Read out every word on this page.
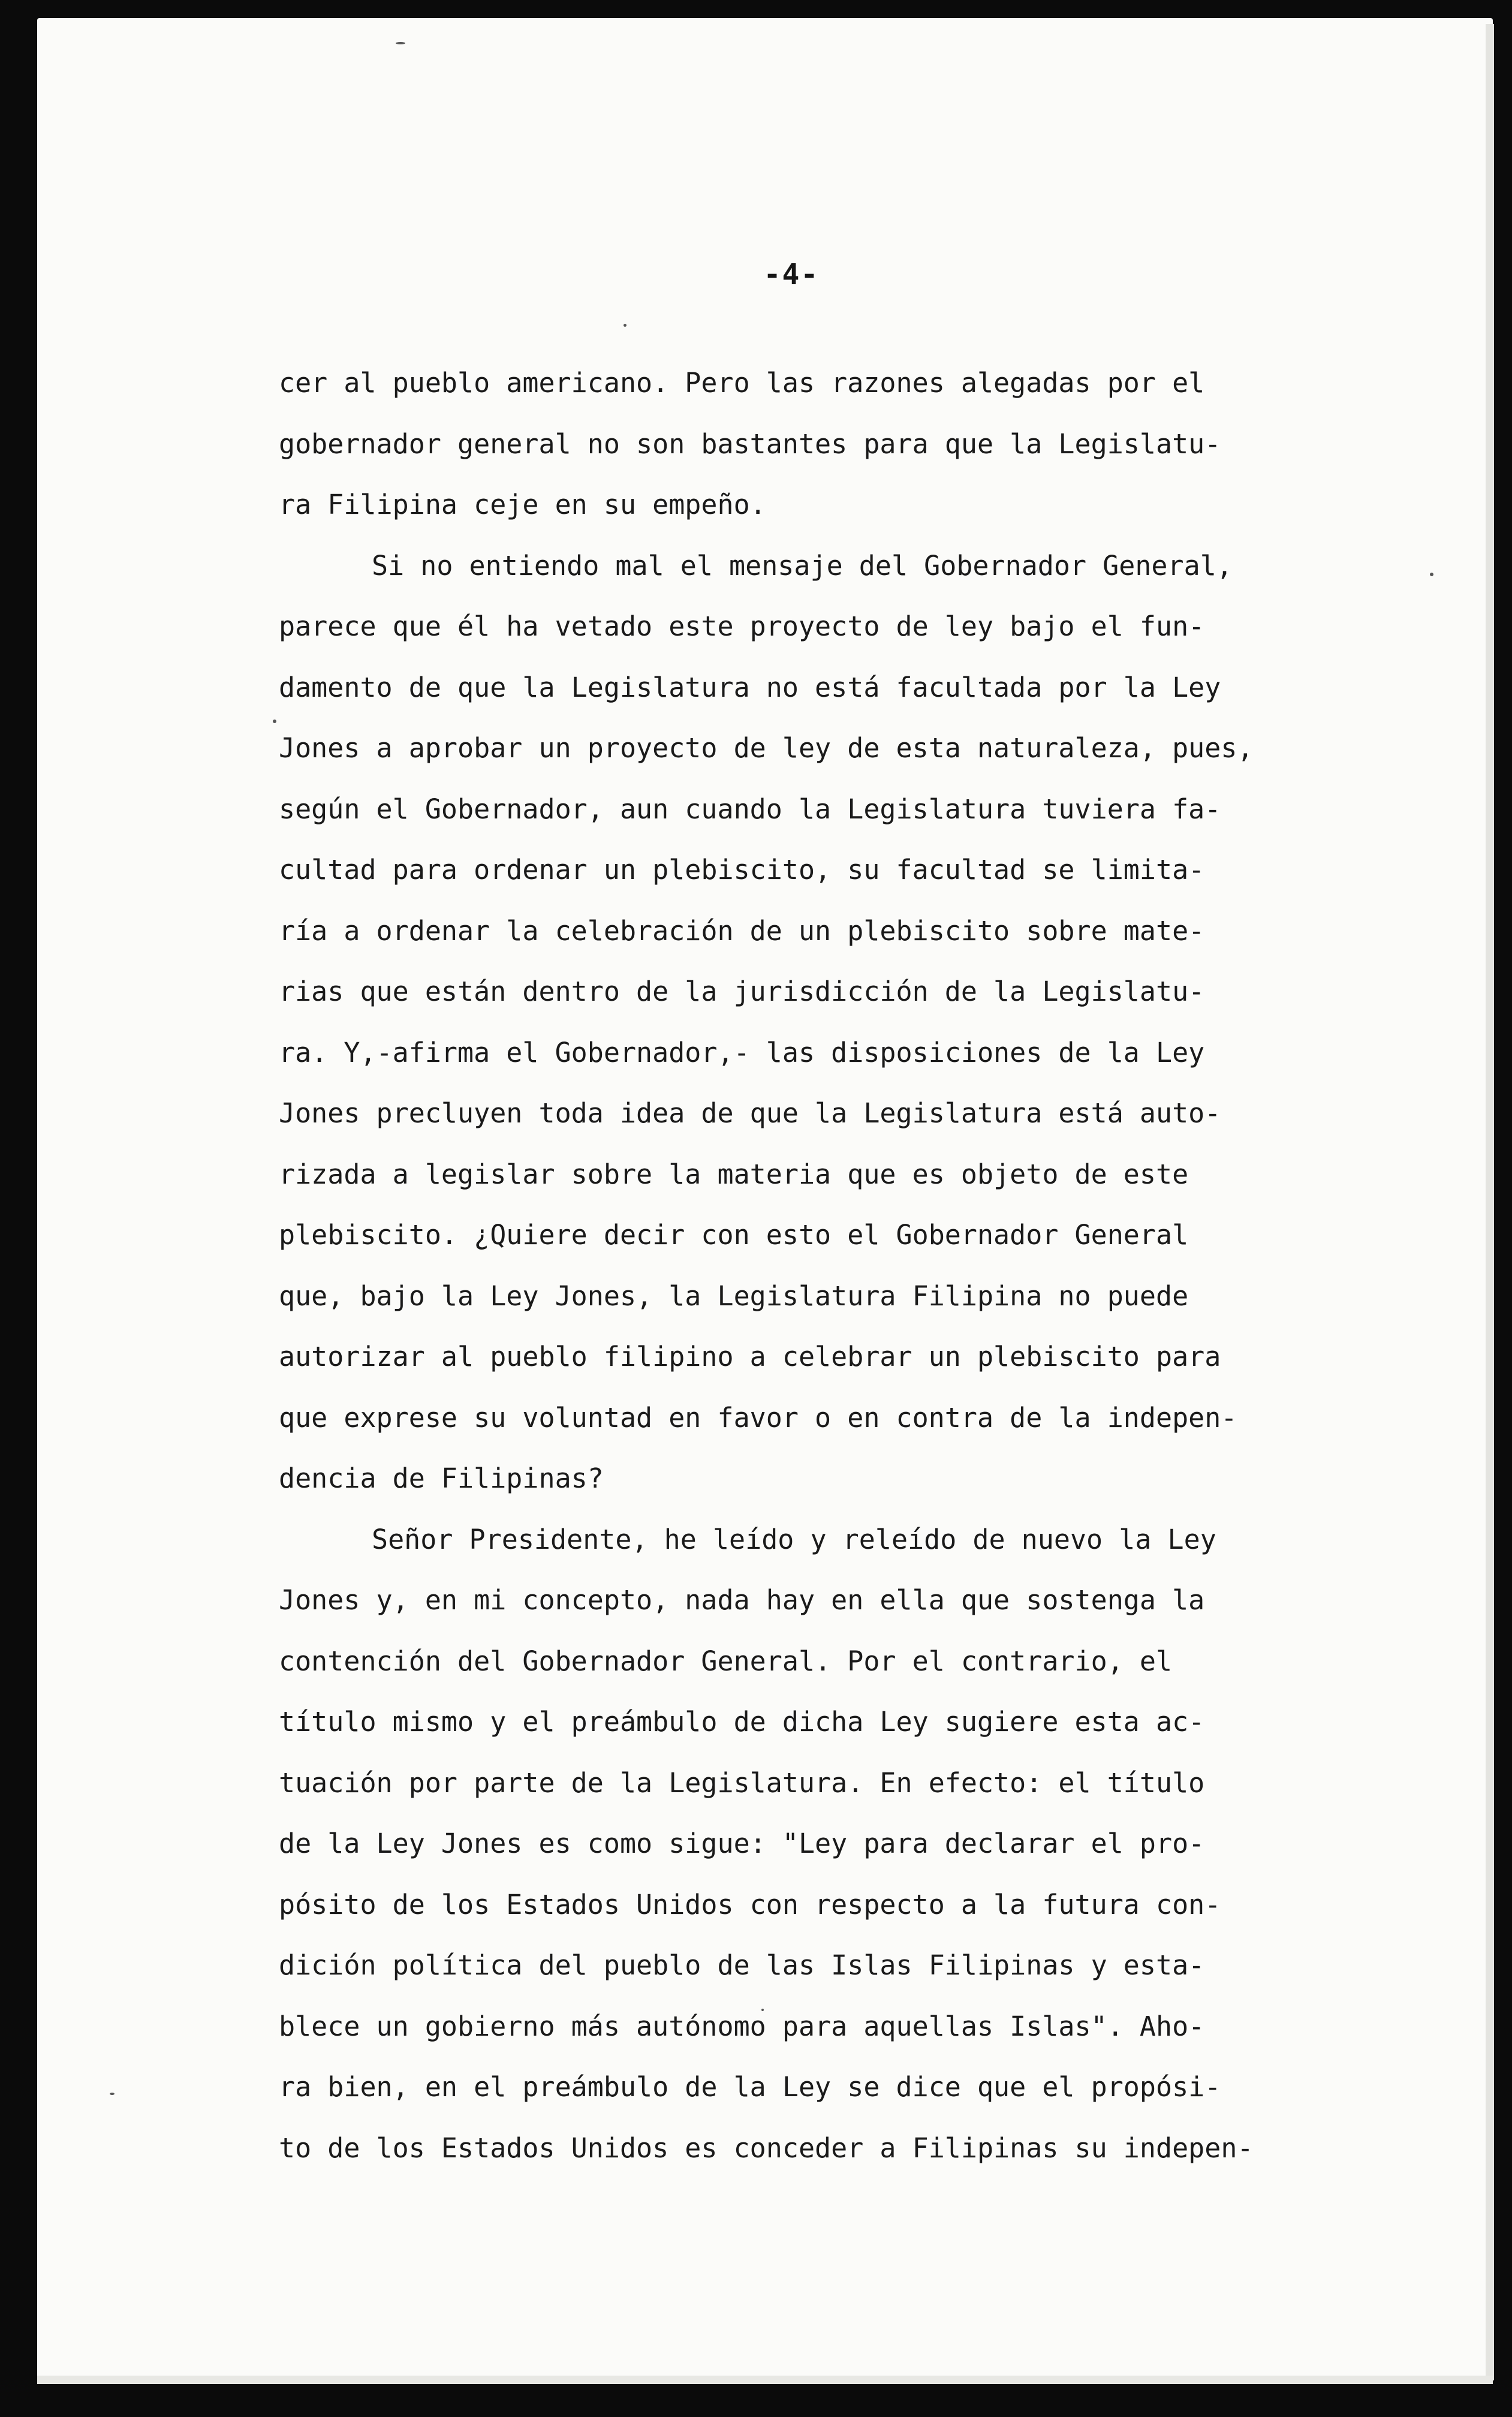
-4-
cer al pueblo americano. Pero las razones alegadas por el
gobernador general no son bastantes para que la Legislatu-
ra Filipina ceje en su empeño.
Si no entiendo mal el mensaje del Gobernador General,
parece que él ha vetado este proyecto de ley bajo el fun-
damento de que la Legislatura no está facultada por la Ley
Jones a aprobar un proyecto de ley de esta naturaleza, pues,
según el Gobernador, aun cuando la Legislatura tuviera fa-
cultad para ordenar un plebiscito, su facultad se limita-
ría a ordenar la celebración de un plebiscito sobre mate-
rias que están dentro de la jurisdicción de la Legislatu-
ra. Y,-afirma el Gobernador,- las disposiciones de la Ley
Jones precluyen toda idea de que la Legislatura está auto-
rizada a legislar sobre la materia que es objeto de este
plebiscito. ¿Quiere decir con esto el Gobernador General
que, bajo la Ley Jones, la Legislatura Filipina no puede
autorizar al pueblo filipino a celebrar un plebiscito para
que exprese su voluntad en favor o en contra de la indepen-
dencia de Filipinas?
Señor Presidente, he leído y releído de nuevo la Ley
Jones y, en mi concepto, nada hay en ella que sostenga la
contención del Gobernador General. Por el contrario, el
título mismo y el preámbulo de dicha Ley sugiere esta ac-
tuación por parte de la Legislatura. En efecto: el título
de la Ley Jones es como sigue: "Ley para declarar el pro-
pósito de los Estados Unidos con respecto a la futura con-
dición política del pueblo de las Islas Filipinas y esta-
blece un gobierno más autónomo para aquellas Islas". Aho-
ra bien, en el preámbulo de la Ley se dice que el propósi-
to de los Estados Unidos es conceder a Filipinas su indepen-
